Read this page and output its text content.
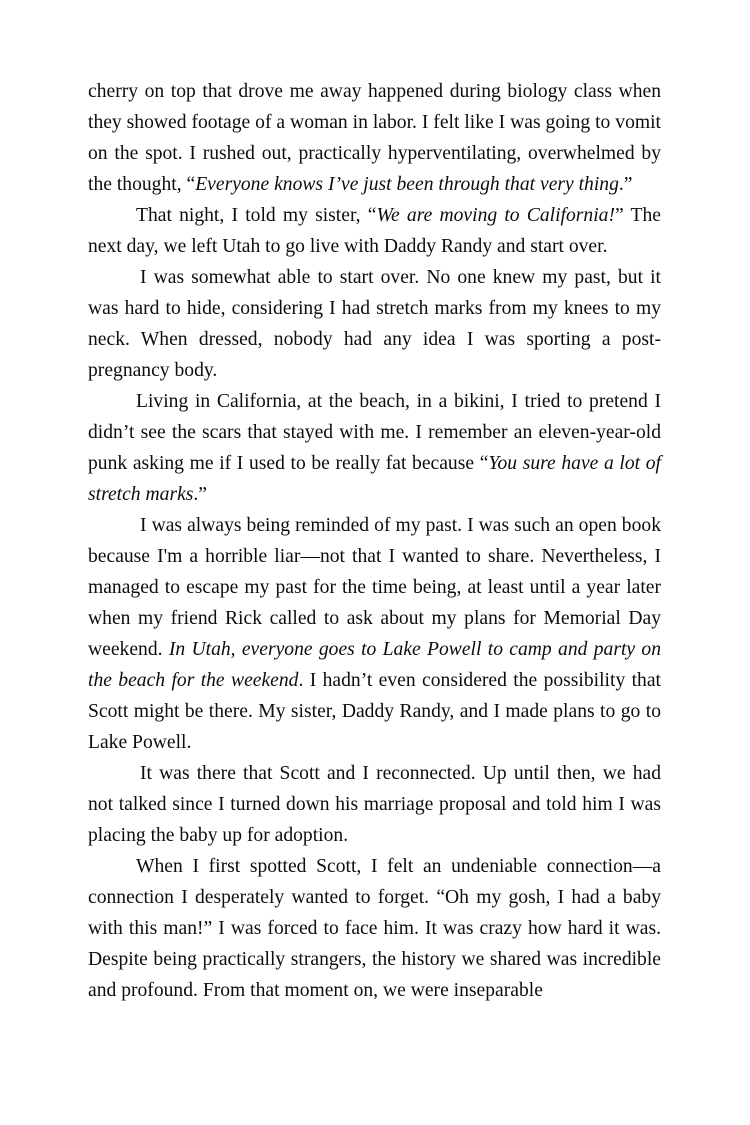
cherry on top that drove me away happened during biology class when they showed footage of a woman in labor. I felt like I was going to vomit on the spot. I rushed out, practically hyperventilating, overwhelmed by the thought, “Everyone knows I’ve just been through that very thing.”

That night, I told my sister, “We are moving to California!” The next day, we left Utah to go live with Daddy Randy and start over.

I was somewhat able to start over. No one knew my past, but it was hard to hide, considering I had stretch marks from my knees to my neck. When dressed, nobody had any idea I was sporting a post-pregnancy body.

Living in California, at the beach, in a bikini, I tried to pretend I didn’t see the scars that stayed with me. I remember an eleven-year-old punk asking me if I used to be really fat because “You sure have a lot of stretch marks.”

I was always being reminded of my past. I was such an open book because I'm a horrible liar—not that I wanted to share. Nevertheless, I managed to escape my past for the time being, at least until a year later when my friend Rick called to ask about my plans for Memorial Day weekend. In Utah, everyone goes to Lake Powell to camp and party on the beach for the weekend. I hadn’t even considered the possibility that Scott might be there. My sister, Daddy Randy, and I made plans to go to Lake Powell.

It was there that Scott and I reconnected. Up until then, we had not talked since I turned down his marriage proposal and told him I was placing the baby up for adoption.

When I first spotted Scott, I felt an undeniable connection—a connection I desperately wanted to forget. “Oh my gosh, I had a baby with this man!” I was forced to face him. It was crazy how hard it was. Despite being practically strangers, the history we shared was incredible and profound. From that moment on, we were inseparable
